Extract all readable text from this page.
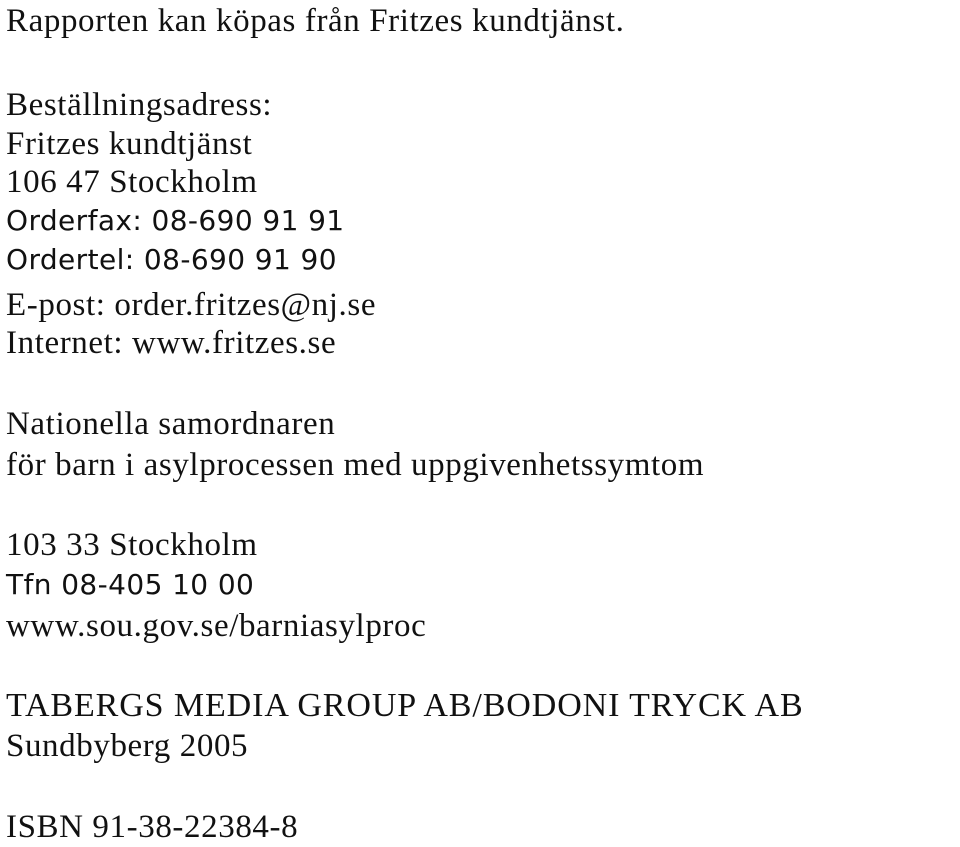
Rapporten kan köpas från Fritzes kundtjänst.
Beställningsadress:
Fritzes kundtjänst
106 47 Stockholm
Orderfax: 08-690 91 91
Ordertel: 08-690 91 90
E-post: order.fritzes@nj.se
Internet: www.fritzes.se
Nationella samordnaren
för barn i asylprocessen med uppgivenhetssymtom
103 33 Stockholm
Tfn 08-405 10 00
www.sou.gov.se/barniasylproc
TABERGS MEDIA GROUP AB/BODONI TRYCK AB
Sundbyberg 2005
ISBN 91-38-22384-8
